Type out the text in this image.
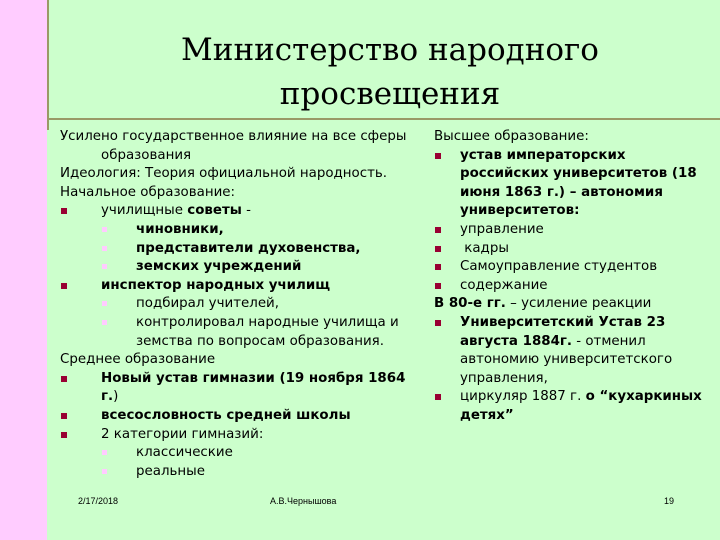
Министерство народного
просвещения

Усилено государственное влияние на все сферы образования

Идеология: Теория официальной народность.

Начальное образование:

училищные советы -
чиновники,
представители духовенства,
земских учреждений
инспектор народных училищ
подбирал учителей,
контролировал народные училища и земства по вопросам образования.

Среднее образование

Новый устав гимназии (19 ноября 1864 г.)
всесословность средней школы
2 категории гимназий:
классические
реальные

Высшее образование:

устав императорских российских университетов (18 июня 1863 г.) – автономия университетов:
управление
кадры
Самоуправление студентов
содержание

В 80-е гг. – усиление реакции

Университетский Устав 23 августа 1884г. - отменил автономию университетского управления,
циркуляр 1887 г. о “кухаркиных детях”
2/17/2018	А.В.Чернышова	19
